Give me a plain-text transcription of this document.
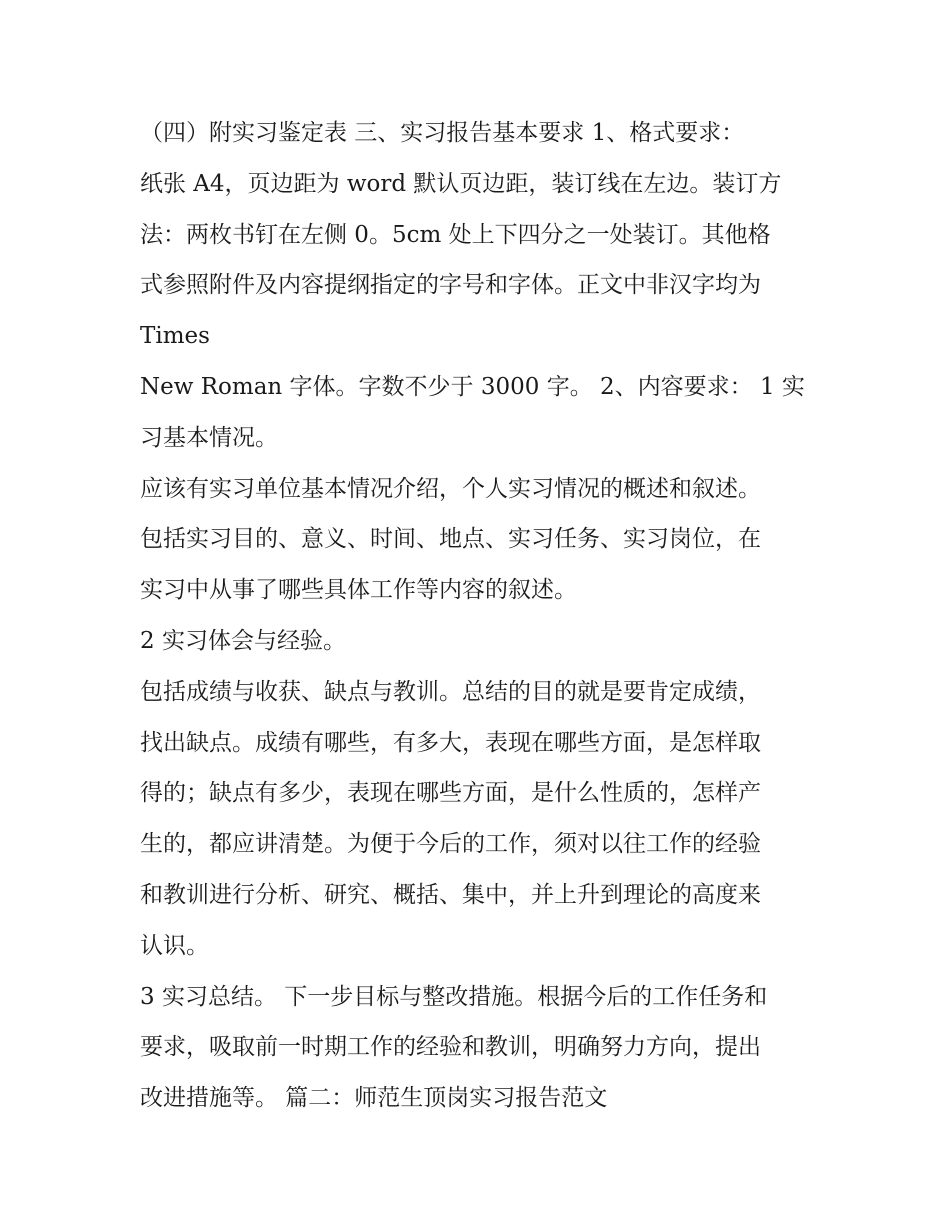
（四）附实习鉴定表 三、实习报告基本要求 1、格式要求：
纸张 A4，页边距为 word 默认页边距，装订线在左边。装订方
法：两枚书钉在左侧 0。5cm 处上下四分之一处装订。其他格
式参照附件及内容提纲指定的字号和字体。正文中非汉字均为
Times
New Roman 字体。字数不少于 3000 字。 2、内容要求： 1 实
习基本情况。
应该有实习单位基本情况介绍，个人实习情况的概述和叙述。
包括实习目的、意义、时间、地点、实习任务、实习岗位，在
实习中从事了哪些具体工作等内容的叙述。
2 实习体会与经验。
包括成绩与收获、缺点与教训。总结的目的就是要肯定成绩，
找出缺点。成绩有哪些，有多大，表现在哪些方面，是怎样取
得的；缺点有多少，表现在哪些方面，是什么性质的，怎样产
生的，都应讲清楚。为便于今后的工作，须对以往工作的经验
和教训进行分析、研究、概括、集中，并上升到理论的高度来
认识。
3 实习总结。 下一步目标与整改措施。根据今后的工作任务和
要求，吸取前一时期工作的经验和教训，明确努力方向，提出
改进措施等。 篇二：师范生顶岗实习报告范文
